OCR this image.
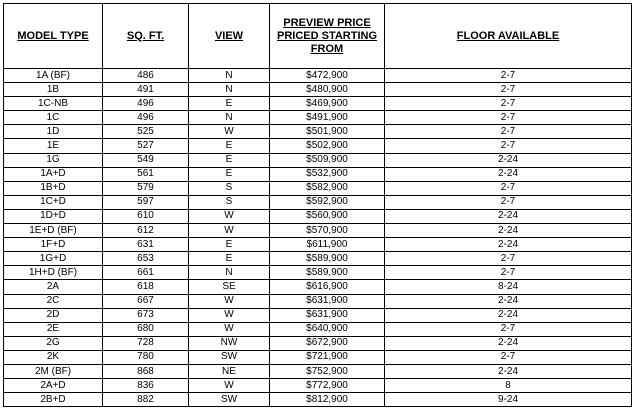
MODEL TYPE	SQ. FT.	VIEW	PREVIEW PRICE
PRICED STARTING
FROM	FLOOR AVAILABLE
1A (BF)	486	N	$472,900	2-7
1B	491	N	$480,900	2-7
1C-NB	496	E	$469,900	2-7
1C	496	N	$491,900	2-7
1D	525	W	$501,900	2-7
1E	527	E	$502,900	2-7
1G	549	E	$509,900	2-24
1A+D	561	E	$532,900	2-24
1B+D	579	S	$582,900	2-7
1C+D	597	S	$592,900	2-7
1D+D	610	W	$560,900	2-24
1E+D (BF)	612	W	$570,900	2-24
1F+D	631	E	$611,900	2-24
1G+D	653	E	$589,900	2-7
1H+D (BF)	661	N	$589,900	2-7
2A	618	SE	$616,900	8-24
2C	667	W	$631,900	2-24
2D	673	W	$631,900	2-24
2E	680	W	$640,900	2-7
2G	728	NW	$672,900	2-24
2K	780	SW	$721,900	2-7
2M (BF)	868	NE	$752,900	2-24
2A+D	836	W	$772,900	8
2B+D	882	SW	$812,900	9-24
